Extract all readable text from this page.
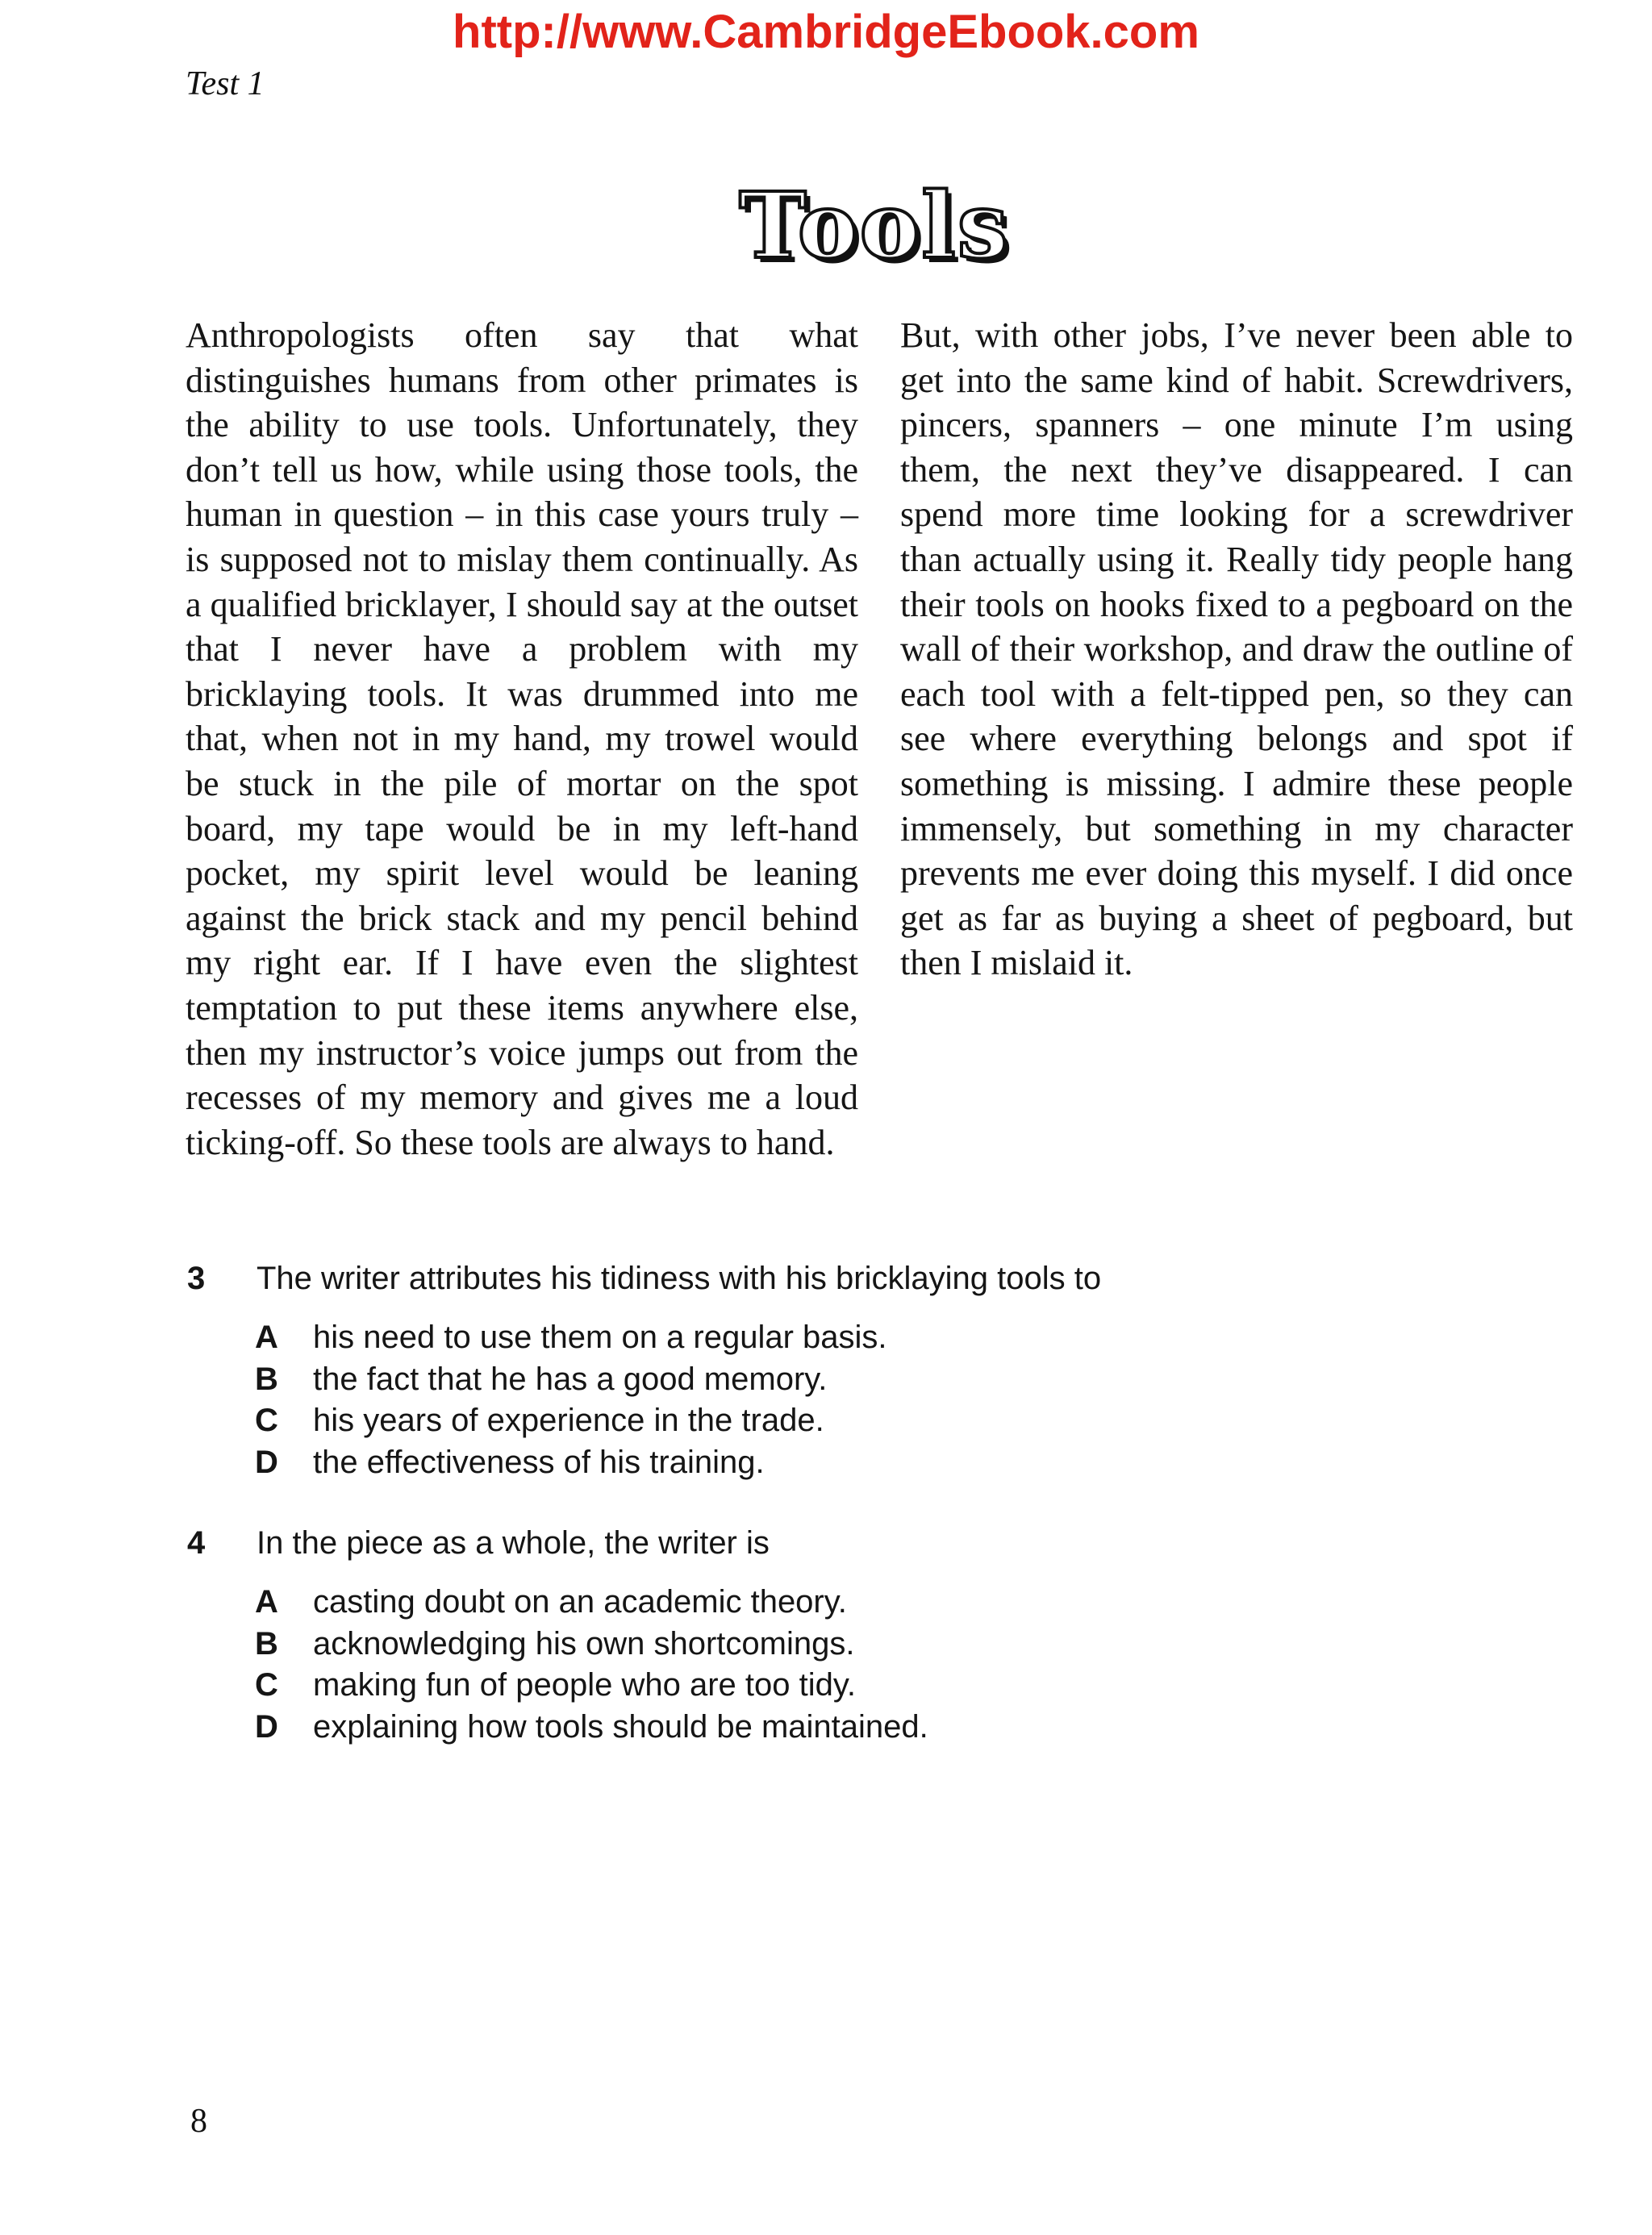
http://www.CambridgeEbook.com
Test 1
Tools

Anthropologists often say that what distinguishes humans from other primates is the ability to use tools. Unfortunately, they don’t tell us how, while using those tools, the human in question – in this case yours truly – is supposed not to mislay them continually. As a qualified bricklayer, I should say at the outset that I never have a problem with my bricklaying tools. It was drummed into me that, when not in my hand, my trowel would be stuck in the pile of mortar on the spot board, my tape would be in my left-hand pocket, my spirit level would be leaning against the brick stack and my pencil behind my right ear. If I have even the slightest temptation to put these items anywhere else, then my instructor’s voice jumps out from the recesses of my memory and gives me a loud ticking-off. So these tools are always to hand.

But, with other jobs, I’ve never been able to get into the same kind of habit. Screwdrivers, pincers, spanners – one minute I’m using them, the next they’ve disappeared. I can spend more time looking for a screwdriver than actually using it. Really tidy people hang their tools on hooks fixed to a pegboard on the wall of their workshop, and draw the outline of each tool with a felt-tipped pen, so they can see where everything belongs and spot if something is missing. I admire these people immensely, but something in my character prevents me ever doing this myself. I did once get as far as buying a sheet of pegboard, but then I mislaid it.

3	The writer attributes his tidiness with his bricklaying tools to
A	his need to use them on a regular basis.
B	the fact that he has a good memory.
C	his years of experience in the trade.
D	the effectiveness of his training.
4	In the piece as a whole, the writer is
A	casting doubt on an academic theory.
B	acknowledging his own shortcomings.
C	making fun of people who are too tidy.
D	explaining how tools should be maintained.
8
